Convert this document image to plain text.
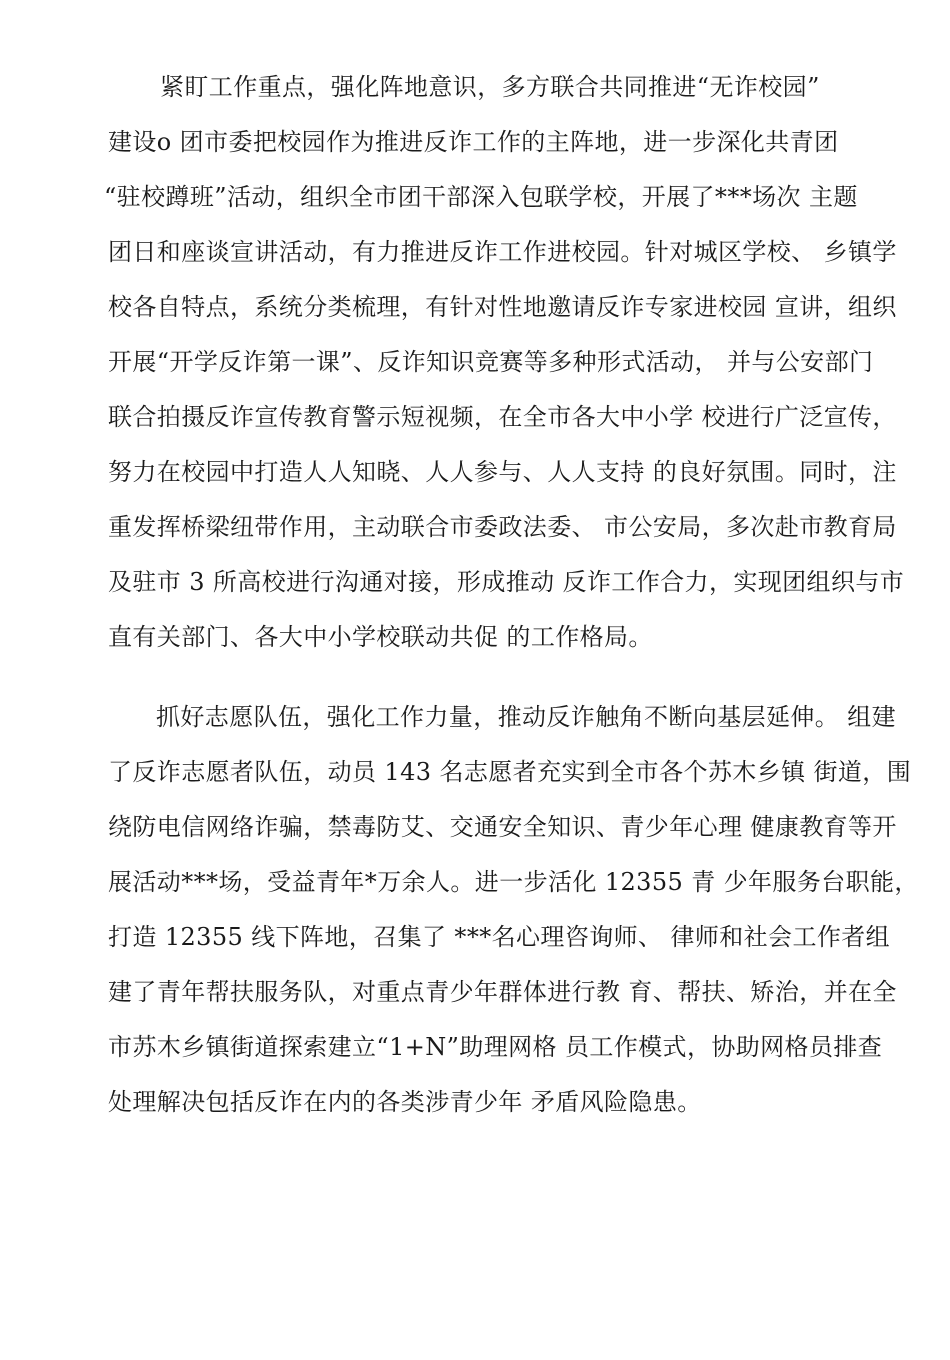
紧盯工作重点，强化阵地意识，多方联合共同推进“无诈校园”
建设o 团市委把校园作为推进反诈工作的主阵地，进一步深化共青团
“驻校蹲班”活动，组织全市团干部深入包联学校，开展了***场次 主题
团日和座谈宣讲活动，有力推进反诈工作进校园。针对城区学校、 乡镇学
校各自特点，系统分类梳理，有针对性地邀请反诈专家进校园 宣讲，组织
开展“开学反诈第一课”、反诈知识竞赛等多种形式活动， 并与公安部门
联合拍摄反诈宣传教育警示短视频，在全市各大中小学 校进行广泛宣传，
努力在校园中打造人人知晓、人人参与、人人支持 的良好氛围。同时，注
重发挥桥梁纽带作用，主动联合市委政法委、 市公安局，多次赴市教育局
及驻市 3 所高校进行沟通对接，形成推动 反诈工作合力，实现团组织与市
直有关部门、各大中小学校联动共促 的工作格局。
抓好志愿队伍，强化工作力量，推动反诈触角不断向基层延伸。 组建
了反诈志愿者队伍，动员 143 名志愿者充实到全市各个苏木乡镇 街道，围
绕防电信网络诈骗，禁毒防艾、交通安全知识、青少年心理 健康教育等开
展活动***场，受益青年*万余人。进一步活化 12355 青 少年服务台职能，
打造 12355 线下阵地，召集了 ***名心理咨询师、 律师和社会工作者组
建了青年帮扶服务队，对重点青少年群体进行教 育、帮扶、矫治，并在全
市苏木乡镇街道探索建立“1+N”助理网格 员工作模式，协助网格员排查
处理解决包括反诈在内的各类涉青少年 矛盾风险隐患。
